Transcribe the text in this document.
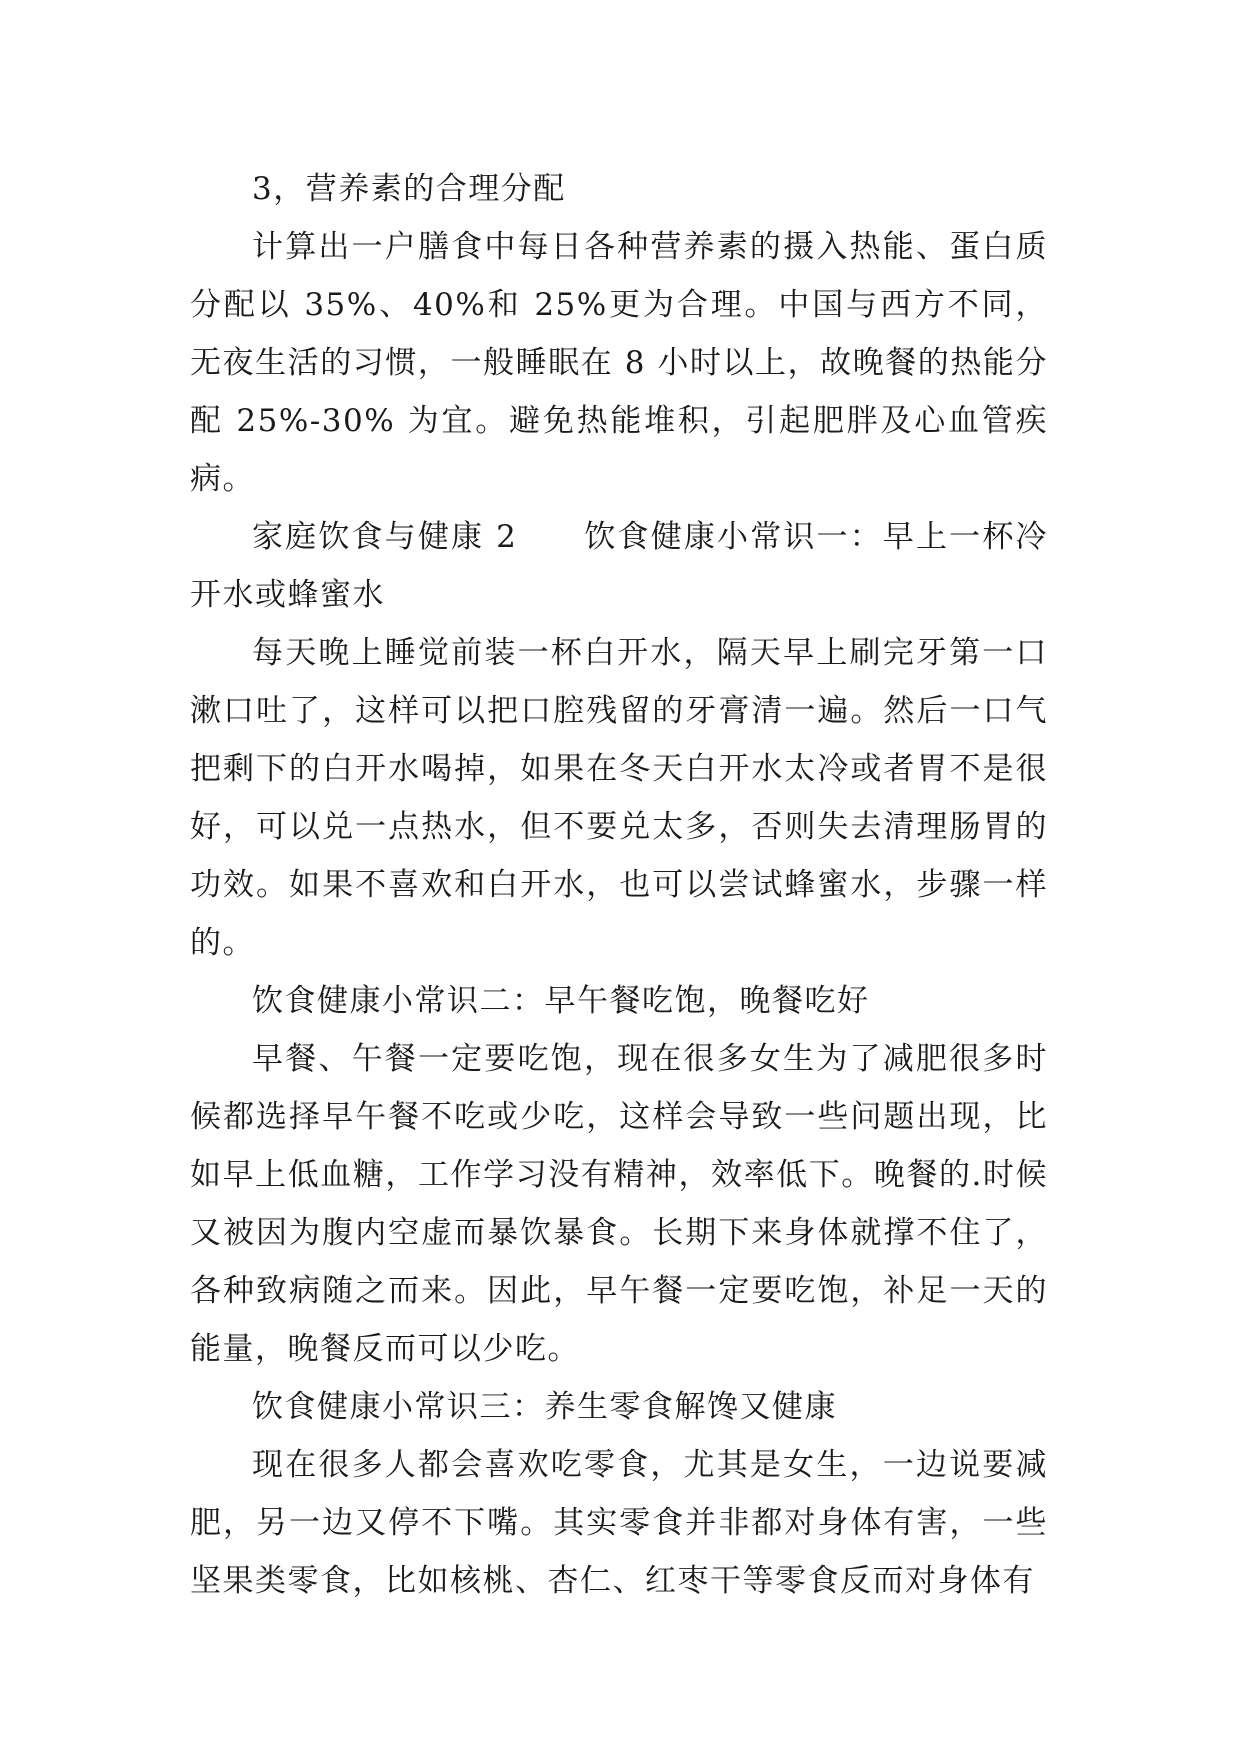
3，营养素的合理分配

计算出一户膳食中每日各种营养素的摄入热能、蛋白质分配以 35%、40%和 25%更为合理。中国与西方不同，无夜生活的习惯，一般睡眠在 8 小时以上，故晚餐的热能分配 25%-30% 为宜。避免热能堆积，引起肥胖及心血管疾病。

家庭饮食与健康 2　　饮食健康小常识一：早上一杯冷开水或蜂蜜水

每天晚上睡觉前装一杯白开水，隔天早上刷完牙第一口漱口吐了，这样可以把口腔残留的牙膏清一遍。然后一口气把剩下的白开水喝掉，如果在冬天白开水太冷或者胃不是很好，可以兑一点热水，但不要兑太多，否则失去清理肠胃的功效。如果不喜欢和白开水，也可以尝试蜂蜜水，步骤一样的。

饮食健康小常识二：早午餐吃饱，晚餐吃好

早餐、午餐一定要吃饱，现在很多女生为了减肥很多时候都选择早午餐不吃或少吃，这样会导致一些问题出现，比如早上低血糖，工作学习没有精神，效率低下。晚餐的.时候又被因为腹内空虚而暴饮暴食。长期下来身体就撑不住了，各种致病随之而来。因此，早午餐一定要吃饱，补足一天的能量，晚餐反而可以少吃。

饮食健康小常识三：养生零食解馋又健康

现在很多人都会喜欢吃零食，尤其是女生，一边说要减肥，另一边又停不下嘴。其实零食并非都对身体有害，一些坚果类零食，比如核桃、杏仁、红枣干等零食反而对身体有
